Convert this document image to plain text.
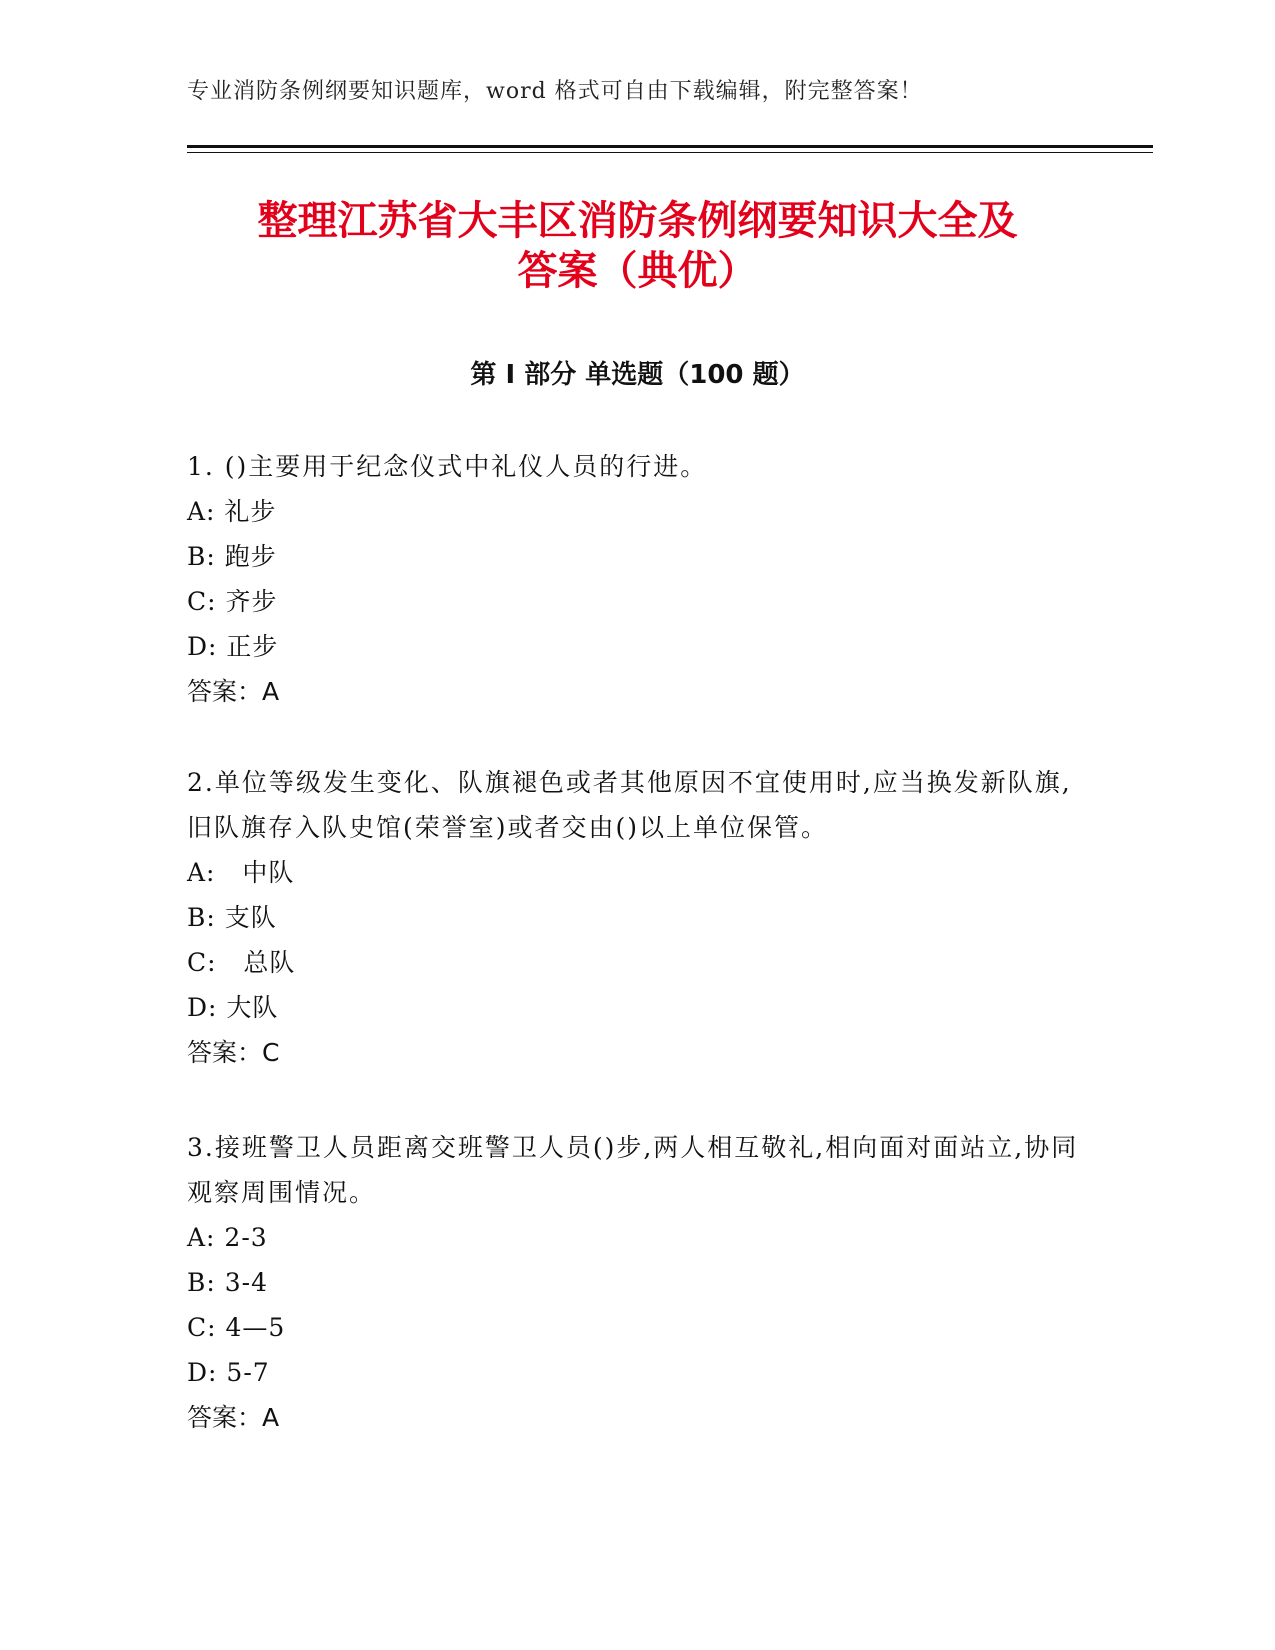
专业消防条例纲要知识题库，word 格式可自由下载编辑，附完整答案！
整理江苏省大丰区消防条例纲要知识大全及
答案（典优）
第 I 部分 单选题（100 题）

1. ()主要用于纪念仪式中礼仪人员的行进。

A: 礼步
B: 跑步
C: 齐步
D: 正步
答案：A

2.单位等级发生变化、队旗褪色或者其他原因不宜使用时,应当换发新队旗,旧队旗存入队史馆(荣誉室)或者交由()以上单位保管。

A:   中队
B: 支队
C:   总队
D: 大队
答案：C

3.接班警卫人员距离交班警卫人员()步,两人相互敬礼,相向面对面站立,协同观察周围情况。

A: 2-3
B: 3-4
C: 4—5
D: 5-7
答案：A
